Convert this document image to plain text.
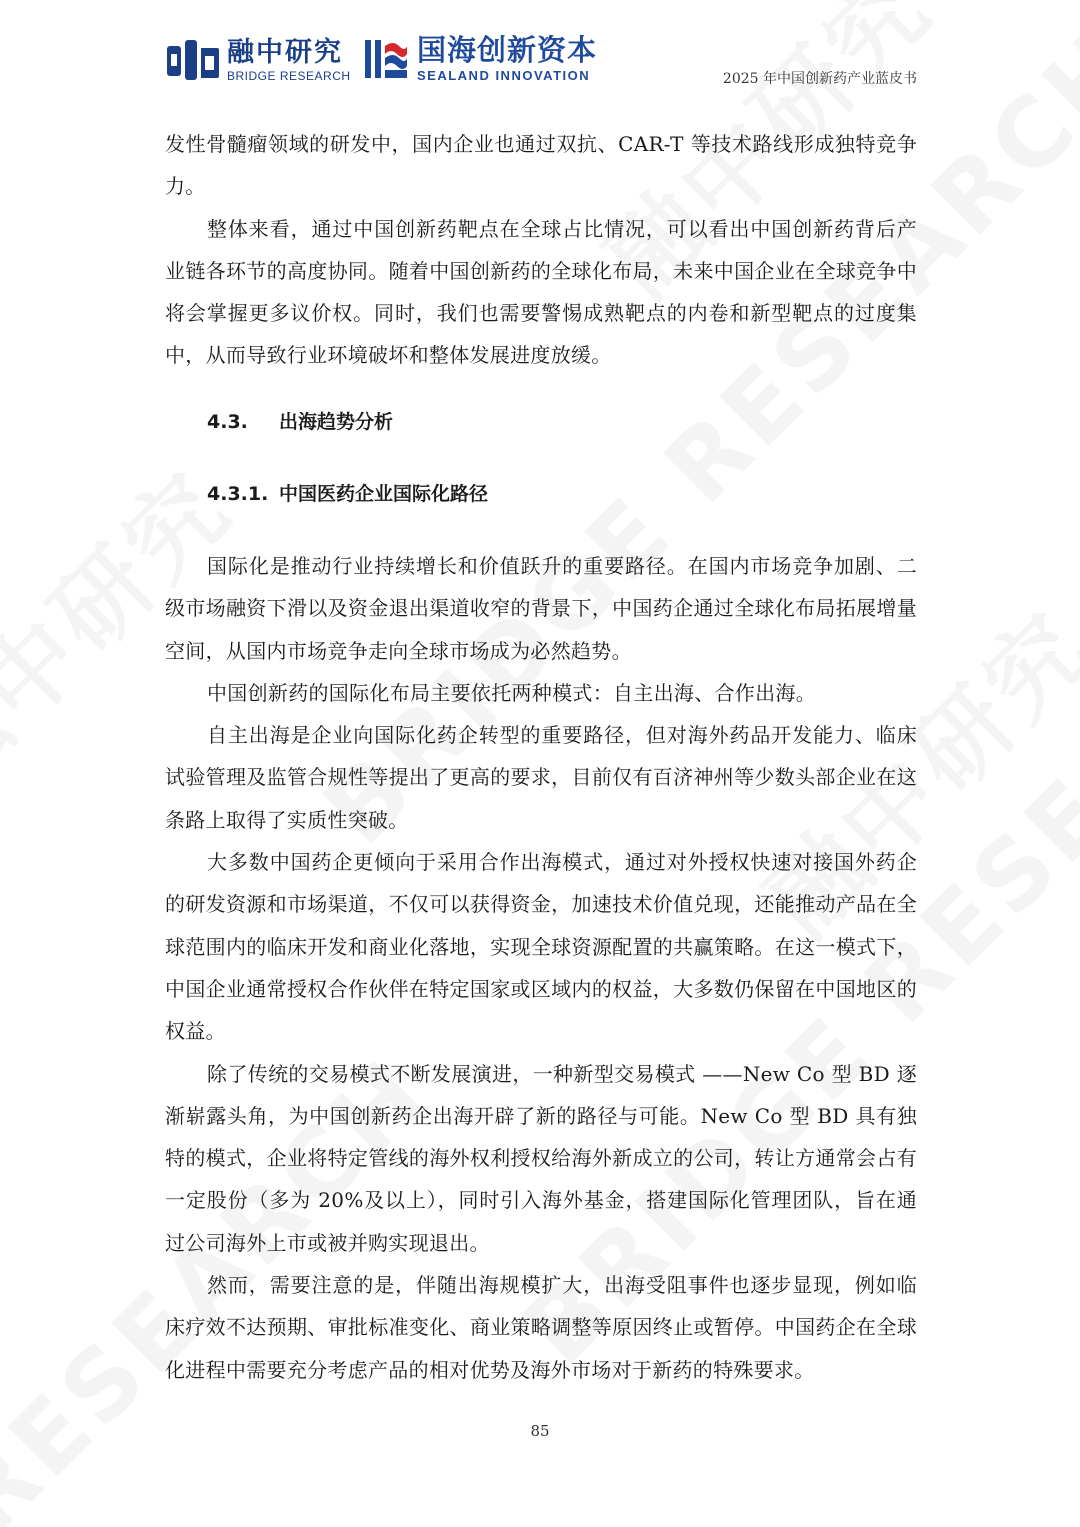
融中研究
BRIDGE RESEARCH
国海创新资本
SEALAND INNOVATION	2025 年中国创新药产业蓝皮书

发性骨髓瘤领域的研发中，国内企业也通过双抗、CAR-T 等技术路线形成独特竞争力。

整体来看，通过中国创新药靶点在全球占比情况，可以看出中国创新药背后产业链各环节的高度协同。随着中国创新药的全球化布局，未来中国企业在全球竞争中将会掌握更多议价权。同时，我们也需要警惕成熟靶点的内卷和新型靶点的过度集中，从而导致行业环境破坏和整体发展进度放缓。

4.3. 出海趋势分析
4.3.1. 中国医药企业国际化路径

国际化是推动行业持续增长和价值跃升的重要路径。在国内市场竞争加剧、二级市场融资下滑以及资金退出渠道收窄的背景下，中国药企通过全球化布局拓展增量空间，从国内市场竞争走向全球市场成为必然趋势。

中国创新药的国际化布局主要依托两种模式：自主出海、合作出海。

自主出海是企业向国际化药企转型的重要路径，但对海外药品开发能力、临床试验管理及监管合规性等提出了更高的要求，目前仅有百济神州等少数头部企业在这条路上取得了实质性突破。

大多数中国药企更倾向于采用合作出海模式，通过对外授权快速对接国外药企的研发资源和市场渠道，不仅可以获得资金，加速技术价值兑现，还能推动产品在全球范围内的临床开发和商业化落地，实现全球资源配置的共赢策略。在这一模式下，中国企业通常授权合作伙伴在特定国家或区域内的权益，大多数仍保留在中国地区的权益。

除了传统的交易模式不断发展演进，一种新型交易模式 ——New Co 型 BD 逐渐崭露头角，为中国创新药企出海开辟了新的路径与可能。New Co 型 BD 具有独特的模式，企业将特定管线的海外权利授权给海外新成立的公司，转让方通常会占有一定股份（多为 20%及以上），同时引入海外基金，搭建国际化管理团队，旨在通过公司海外上市或被并购实现退出。

然而，需要注意的是，伴随出海规模扩大，出海受阻事件也逐步显现，例如临床疗效不达预期、审批标准变化、商业策略调整等原因终止或暂停。中国药企在全球化进程中需要充分考虑产品的相对优势及海外市场对于新药的特殊要求。

85
